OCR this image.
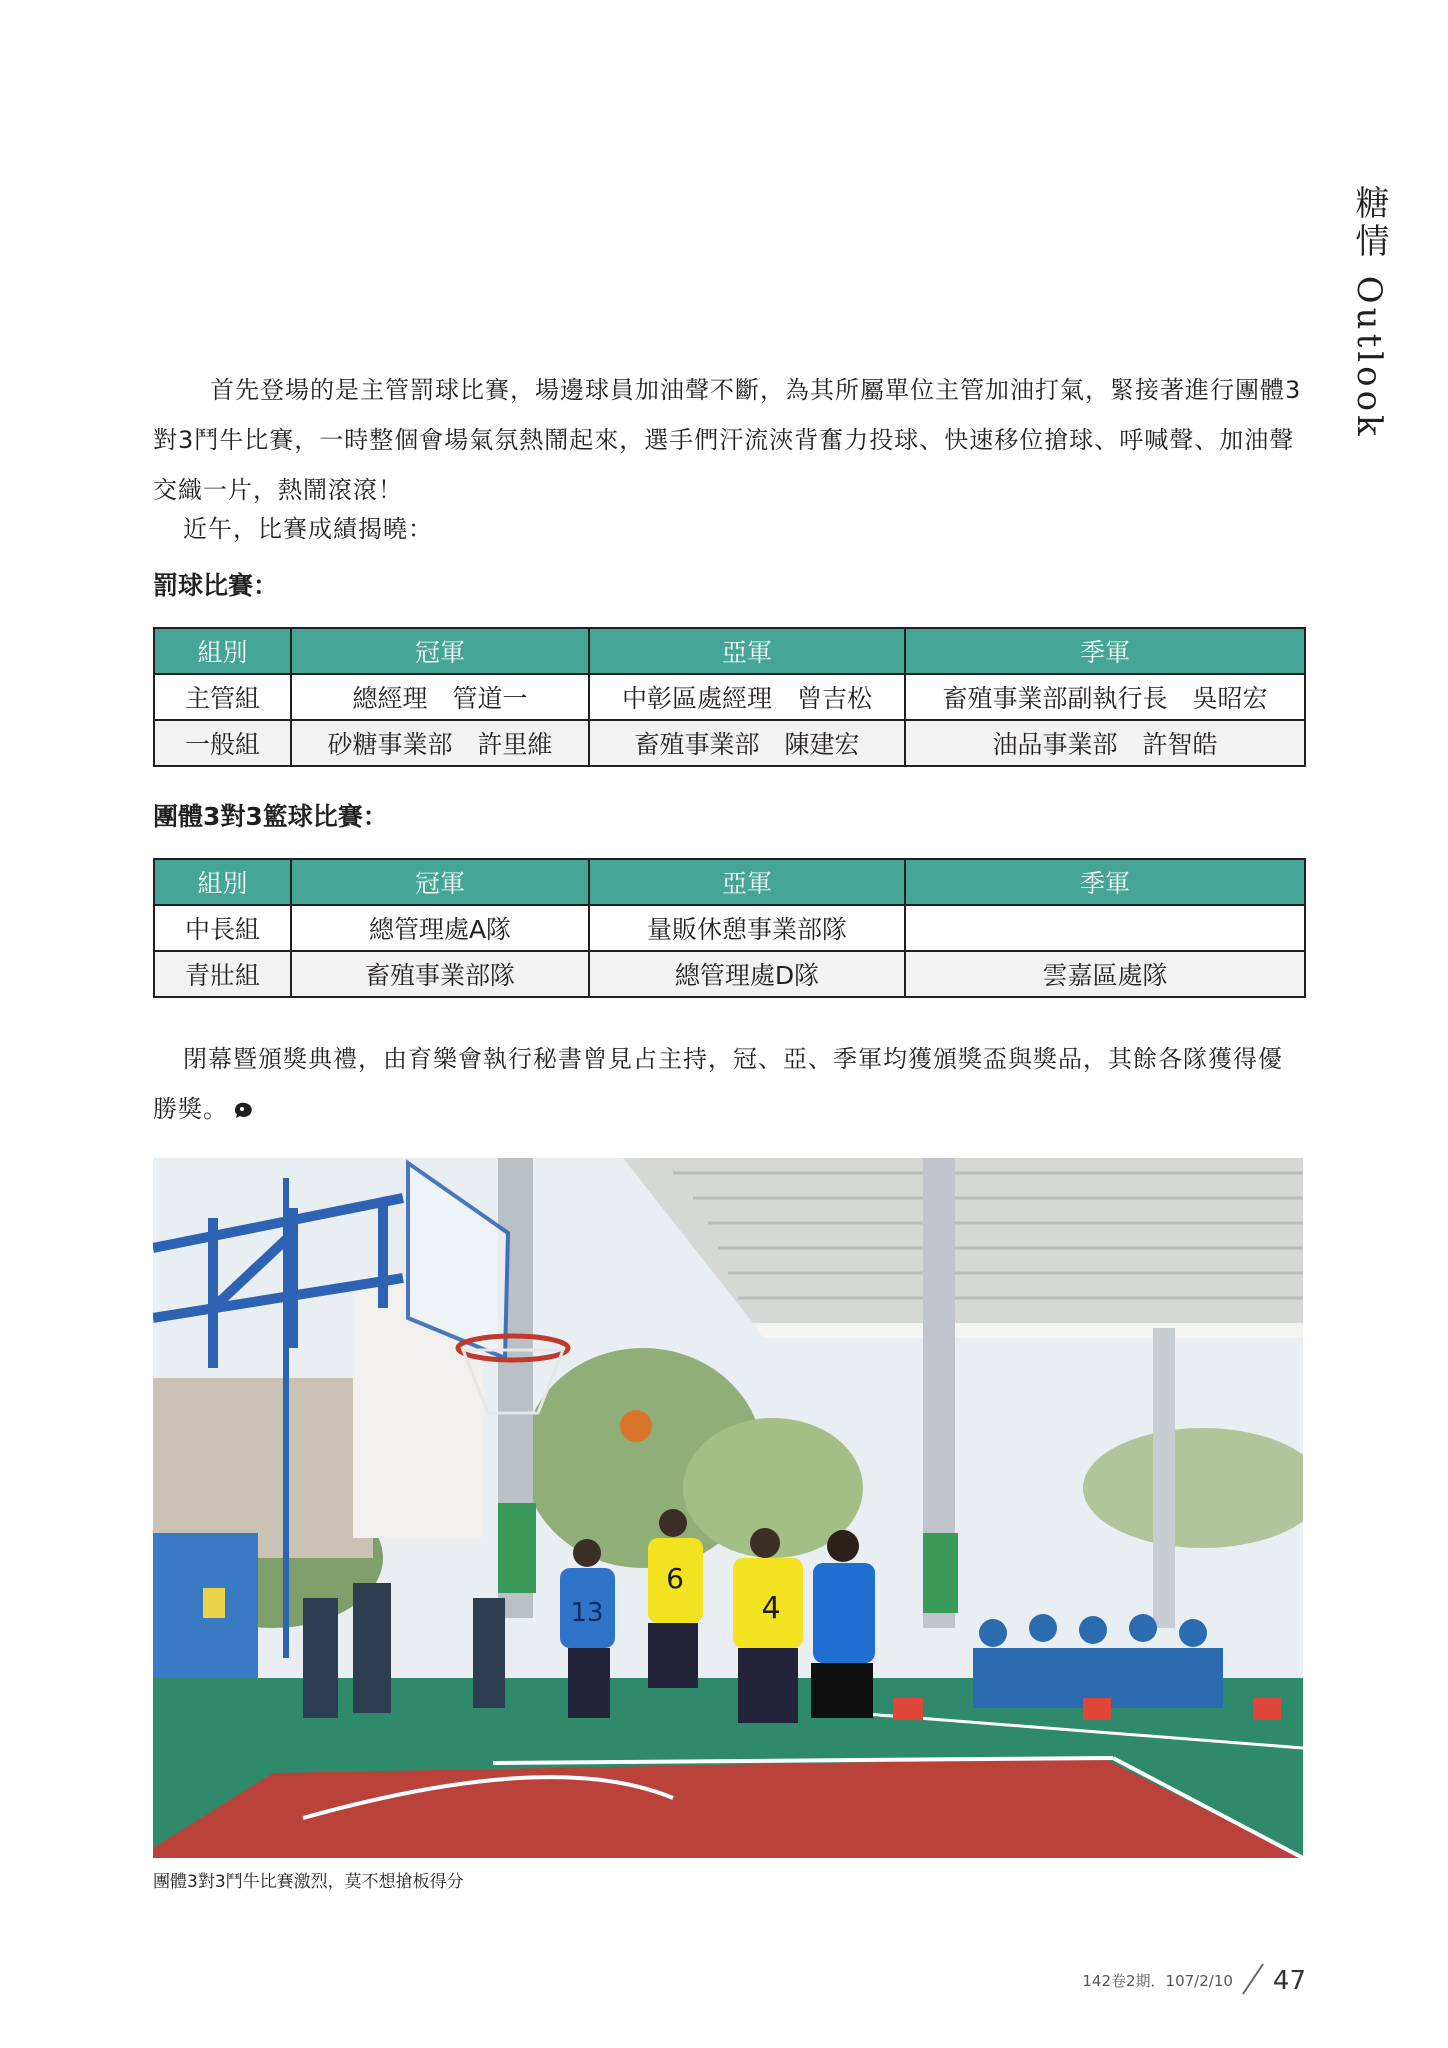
糖情 Outlook

首先登場的是主管罰球比賽，場邊球員加油聲不斷，為其所屬單位主管加油打氣，緊接著進行團體3對3鬥牛比賽，一時整個會場氣氛熱鬧起來，選手們汗流浹背奮力投球、快速移位搶球、呼喊聲、加油聲交織一片，熱鬧滾滾！

近午，比賽成績揭曉：

罰球比賽：
組別	冠軍	亞軍	季軍
主管組	總經理　管道一	中彰區處經理　曾吉松	畜殖事業部副執行長　吳昭宏
一般組	砂糖事業部　許里維	畜殖事業部　陳建宏	油品事業部　許智皓
團體3對3籃球比賽：
組別	冠軍	亞軍	季軍
中長組	總管理處A隊	量販休憩事業部隊	
青壯組	畜殖事業部隊	總管理處D隊	雲嘉區處隊

閉幕暨頒獎典禮，由育樂會執行秘書曾見占主持，冠、亞、季軍均獲頒獎盃與獎品，其餘各隊獲得優勝獎。

13
6
4

團體3對3鬥牛比賽激烈，莫不想搶板得分

142卷2期．107/2/10 47
